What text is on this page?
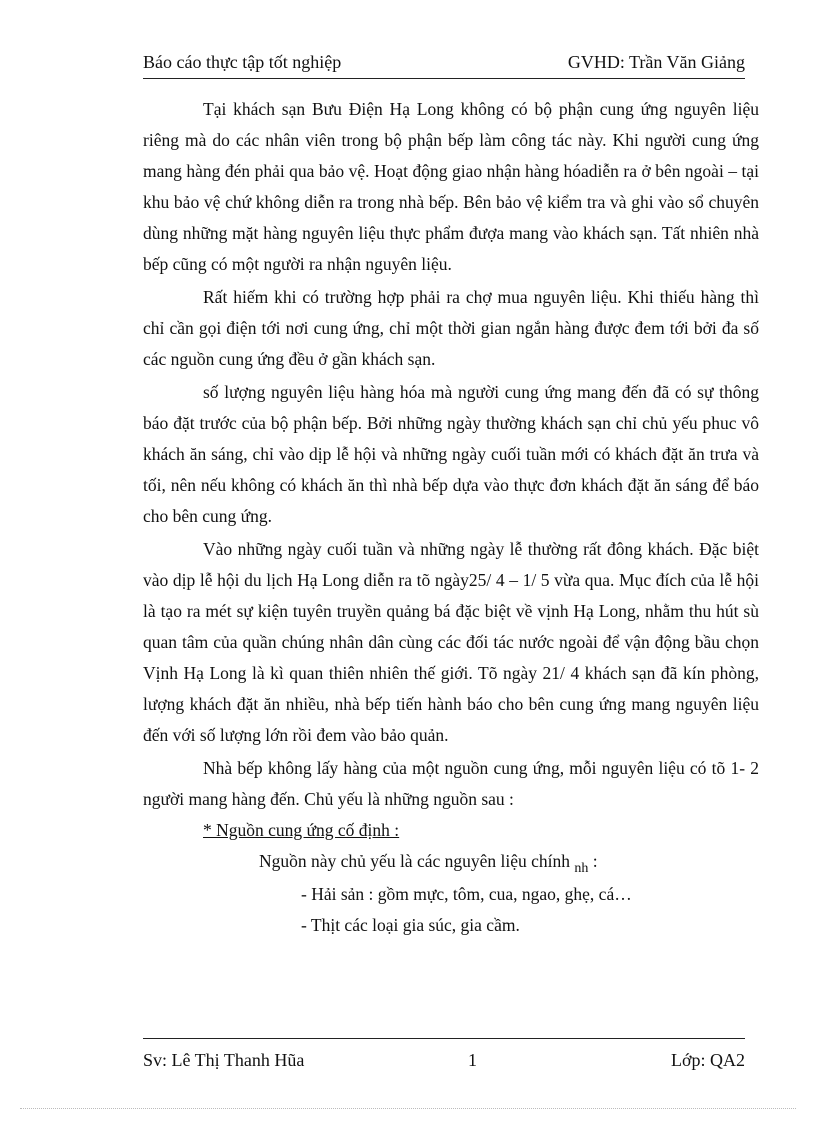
Báo cáo thực tập tốt nghiệp	GVHD: Trần Văn Giảng

Tại khách sạn Bưu Điện Hạ Long không có bộ phận cung ứng nguyên liệu riêng mà do các nhân viên trong bộ phận bếp làm công tác này. Khi người cung ứng mang hàng đén phải qua bảo vệ. Hoạt động giao nhận hàng hóadiễn ra ở bên ngoài – tại khu bảo vệ chứ không diễn ra trong nhà bếp. Bên bảo vệ kiểm tra và ghi vào sổ chuyên dùng những mặt hàng nguyên liệu thực phẩm đượa mang vào khách sạn. Tất nhiên nhà bếp cũng có một người ra nhận nguyên liệu.

Rất hiếm khi có trường hợp phải ra chợ mua nguyên liệu. Khi thiếu hàng thì chỉ cần gọi điện tới nơi cung ứng, chỉ một thời gian ngắn hàng được đem tới bởi đa số các nguồn cung ứng đều ở gần khách sạn.

số lượng nguyên liệu hàng hóa mà người cung ứng mang đến đã có sự thông báo đặt trước của bộ phận bếp. Bởi những ngày thường khách sạn chỉ chủ yếu phuc vô khách ăn sáng, chỉ vào dịp lễ hội và những ngày cuối tuần mới có khách đặt ăn trưa và tối, nên nếu không có khách ăn thì nhà bếp dựa vào thực đơn khách đặt ăn sáng để báo cho bên cung ứng.

Vào những ngày cuối tuần và những ngày lễ thường rất đông khách. Đặc biệt vào dịp lễ hội du lịch Hạ Long diễn ra tõ ngày25/ 4 – 1/ 5 vừa qua. Mục đích của lễ hội là tạo ra mét sự kiện tuyên truyền quảng bá đặc biệt về vịnh Hạ Long, nhằm thu hút sù quan tâm của quần chúng nhân dân cùng các đối tác nước ngoài để vận động bầu chọn Vịnh Hạ Long là kì quan thiên nhiên thế giới. Tõ ngày 21/ 4 khách sạn đã kín phòng, lượng khách đặt ăn nhiều, nhà bếp tiến hành báo cho bên cung ứng mang nguyên liệu đến với số lượng lớn rồi đem vào bảo quản.

Nhà bếp không lấy hàng của một nguồn cung ứng, mỗi nguyên liệu có tõ 1- 2 người mang hàng đến. Chủ yếu là những nguồn sau :

* Nguồn cung ứng cố định :

Nguồn này chủ yếu là các nguyên liệu chính $_{nh}$ :

- Hải sản : gồm mực, tôm, cua, ngao, ghẹ, cá…

- Thịt các loại gia súc, gia cầm.

Sv: Lê Thị Thanh Hũa	1	Lớp: QA2
